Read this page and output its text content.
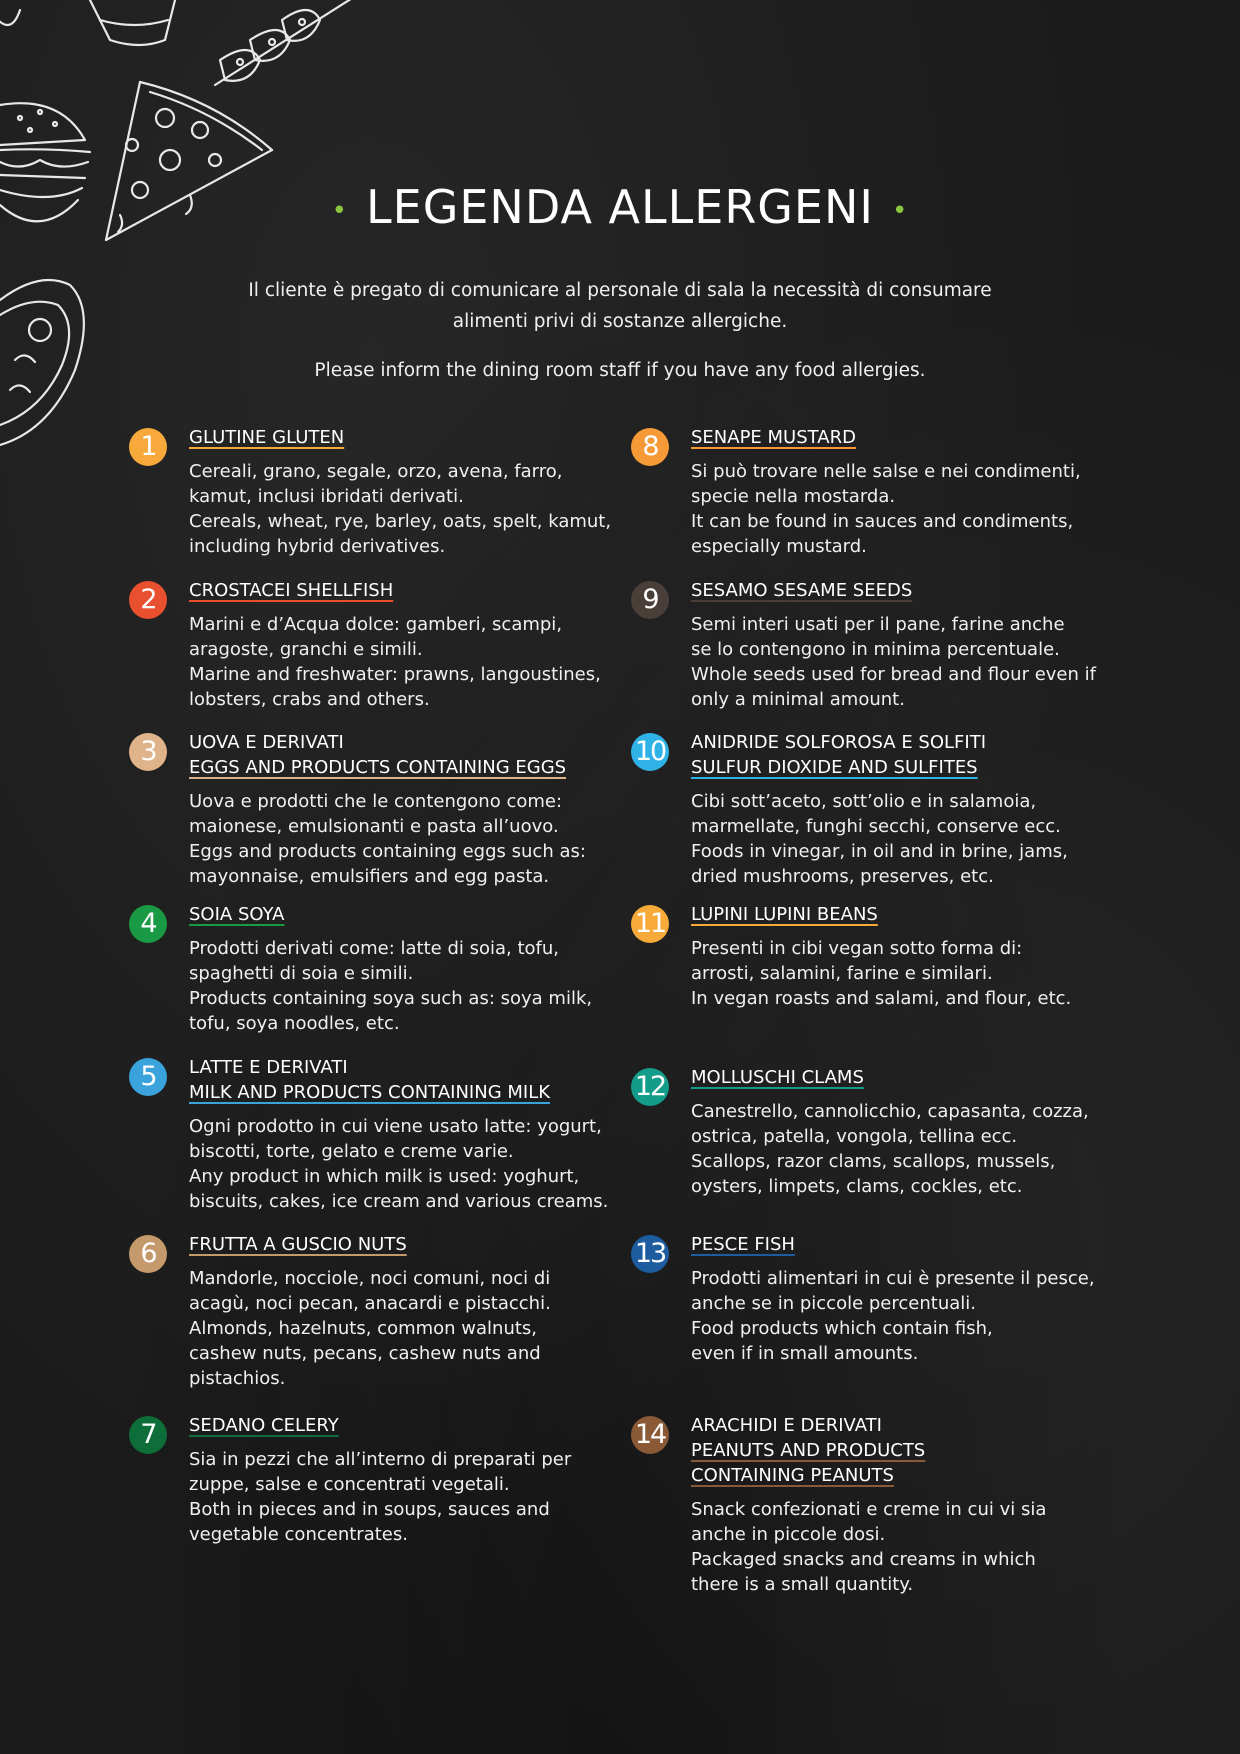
• LEGENDA ALLERGENI •
Il cliente è pregato di comunicare al personale di sala la necessità di consumare
alimenti privi di sostanze allergiche.
Please inform the dining room staff if you have any food allergies.
1	GLUTINE GLUTEN
Cereali, grano, segale, orzo, avena, farro,
kamut, inclusi ibridati derivati.
Cereals, wheat, rye, barley, oats, spelt, kamut,
including hybrid derivatives.
2	CROSTACEI SHELLFISH
Marini e d’Acqua dolce: gamberi, scampi,
aragoste, granchi e simili.
Marine and freshwater: prawns, langoustines,
lobsters, crabs and others.
3	UOVA E DERIVATI
EGGS AND PRODUCTS CONTAINING EGGS
Uova e prodotti che le contengono come:
maionese, emulsionanti e pasta all’uovo.
Eggs and products containing eggs such as:
mayonnaise, emulsifiers and egg pasta.
4	SOIA SOYA
Prodotti derivati come: latte di soia, tofu,
spaghetti di soia e simili.
Products containing soya such as: soya milk,
tofu, soya noodles, etc.
5	LATTE E DERIVATI
MILK AND PRODUCTS CONTAINING MILK
Ogni prodotto in cui viene usato latte: yogurt,
biscotti, torte, gelato e creme varie.
Any product in which milk is used: yoghurt,
biscuits, cakes, ice cream and various creams.
6	FRUTTA A GUSCIO NUTS
Mandorle, nocciole, noci comuni, noci di
acagù, noci pecan, anacardi e pistacchi.
Almonds, hazelnuts, common walnuts,
cashew nuts, pecans, cashew nuts and
pistachios.
7	SEDANO CELERY
Sia in pezzi che all’interno di preparati per
zuppe, salse e concentrati vegetali.
Both in pieces and in soups, sauces and
vegetable concentrates.
8	SENAPE MUSTARD
Si può trovare nelle salse e nei condimenti,
specie nella mostarda.
It can be found in sauces and condiments,
especially mustard.
9	SESAMO SESAME SEEDS
Semi interi usati per il pane, farine anche
se lo contengono in minima percentuale.
Whole seeds used for bread and flour even if
only a minimal amount.
10 ANIDRIDE SOLFOROSA E SOLFITI
SULFUR DIOXIDE AND SULFITES
Cibi sott’aceto, sott’olio e in salamoia,
marmellate, funghi secchi, conserve ecc.
Foods in vinegar, in oil and in brine, jams,
dried mushrooms, preserves, etc.
11 LUPINI LUPINI BEANS
Presenti in cibi vegan sotto forma di:
arrosti, salamini, farine e similari.
In vegan roasts and salami, and flour, etc.
12 MOLLUSCHI CLAMS
Canestrello, cannolicchio, capasanta, cozza,
ostrica, patella, vongola, tellina ecc.
Scallops, razor clams, scallops, mussels,
oysters, limpets, clams, cockles, etc.
13 PESCE FISH
Prodotti alimentari in cui è presente il pesce,
anche se in piccole percentuali.
Food products which contain fish,
even if in small amounts.
14 ARACHIDI E DERIVATI
PEANUTS AND PRODUCTS
CONTAINING PEANUTS
Snack confezionati e creme in cui vi sia
anche in piccole dosi.
Packaged snacks and creams in which
there is a small quantity.
